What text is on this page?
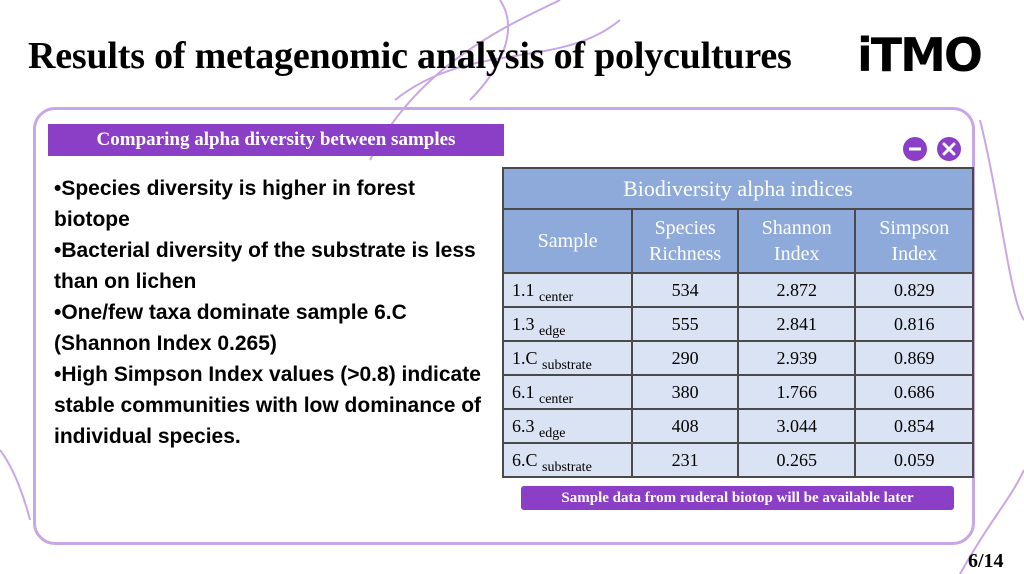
Results of metagenomic analysis of polycultures iTMO
Comparing alpha diversity between samples
•Species diversity is higher in forest biotope
•Bacterial diversity of the substrate is less than on lichen
•One/few taxa dominate sample 6.C (Shannon Index 0.265)
•High Simpson Index values (>0.8) indicate stable communities with low dominance of individual species.
Biodiversity alpha indices			
Sample	Species Richness	Shannon Index	Simpson Index
1.1 $_{center}$	534	2.872	0.829
1.3 $_{edge}$	555	2.841	0.816
1.C $_{substrate}$	290	2.939	0.869
6.1 $_{center}$	380	1.766	0.686
6.3 $_{edge}$	408	3.044	0.854
6.C $_{substrate}$	231	0.265	0.059
Sample data from ruderal biotop will be available later
6/14
